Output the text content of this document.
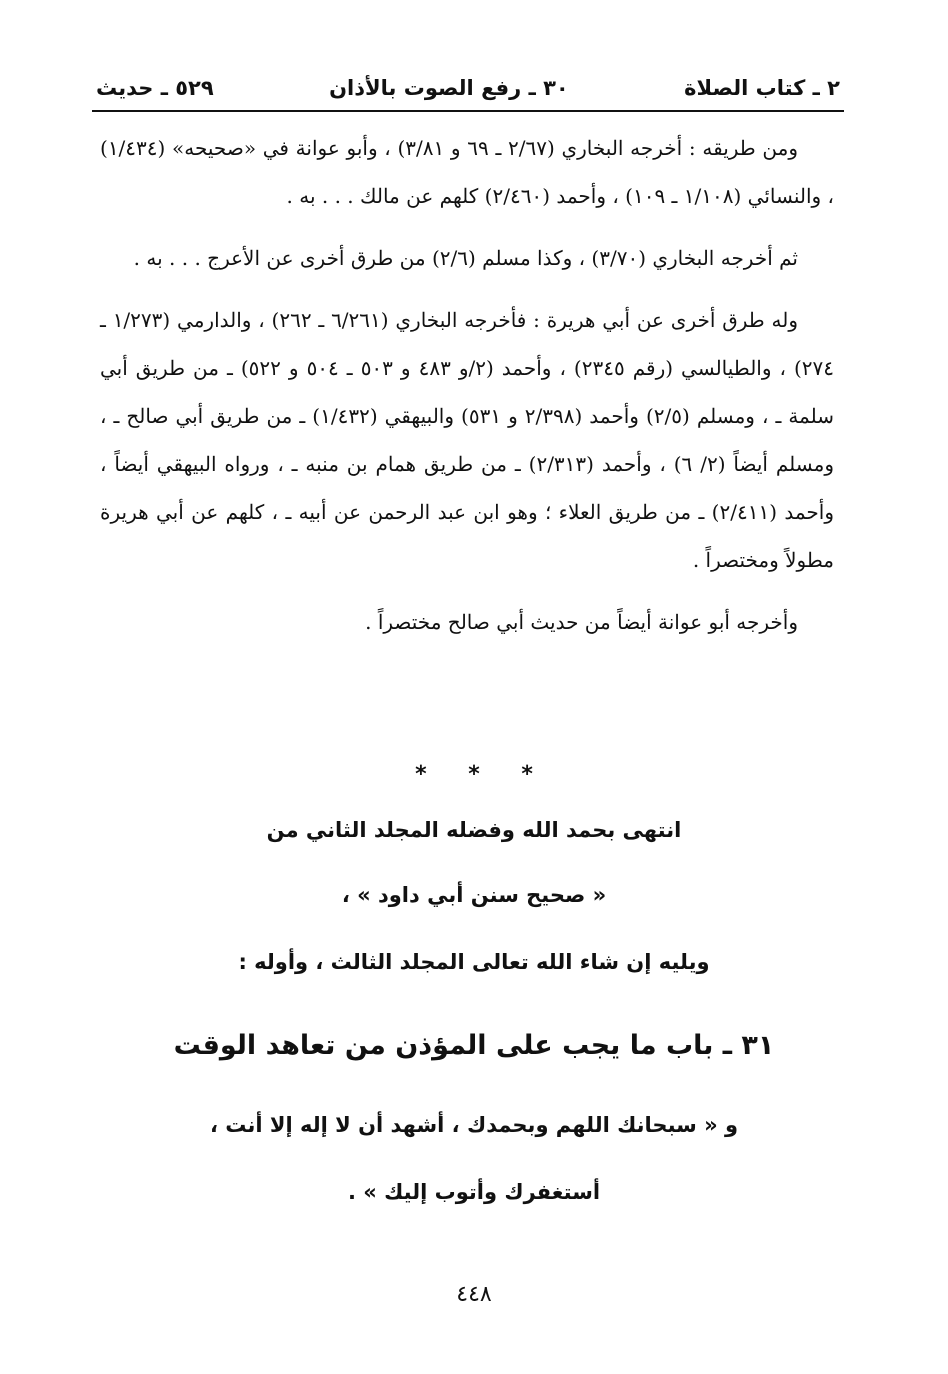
٢ ـ كتاب الصلاة
٣٠ ـ رفع الصوت بالأذان
٥٢٩ ـ حديث

ومن طريقه : أخرجه البخاري (٢/٦٧ ـ ٦٩ و ٣/٨١) ، وأبو عوانة في «صحيحه» (١/٤٣٤) ، والنسائي (١/١٠٨ ـ ١٠٩) ، وأحمد (٢/٤٦٠) كلهم عن مالك . . . به .

ثم أخرجه البخاري (٣/٧٠) ، وكذا مسلم (٢/٦) من طرق أخرى عن الأعرج . . . به .

وله طرق أخرى عن أبي هريرة : فأخرجه البخاري (٦/٢٦١ ـ ٢٦٢) ، والدارمي (١/٢٧٣ ـ ٢٧٤) ، والطيالسي (رقم ٢٣٤٥) ، وأحمد (٢/و ٤٨٣ و ٥٠٣ ـ ٥٠٤ و ٥٢٢) ـ من طريق أبي سلمة ـ ، ومسلم (٢/٥) وأحمد (٢/٣٩٨ و ٥٣١) والبيهقي (١/٤٣٢) ـ من طريق أبي صالح ـ ، ومسلم أيضاً (٢/ ٦) ، وأحمد (٢/٣١٣) ـ من طريق همام بن منبه ـ ، ورواه البيهقي أيضاً ، وأحمد (٢/٤١١) ـ من طريق العلاء ؛ وهو ابن عبد الرحمن عن أبيه ـ ، كلهم عن أبي هريرة مطولاً ومختصراً .

وأخرجه أبو عوانة أيضاً من حديث أبي صالح مختصراً .

* * *
انتهى بحمد الله وفضله المجلد الثاني من
« صحيح سنن أبي داود » ،
ويليه إن شاء الله تعالى المجلد الثالث ، وأوله :
٣١ ـ باب ما يجب على المؤذن من تعاهد الوقت
و « سبحانك اللهم وبحمدك ، أشهد أن لا إله إلا أنت ،
أستغفرك وأتوب إليك » .
٤٤٨
